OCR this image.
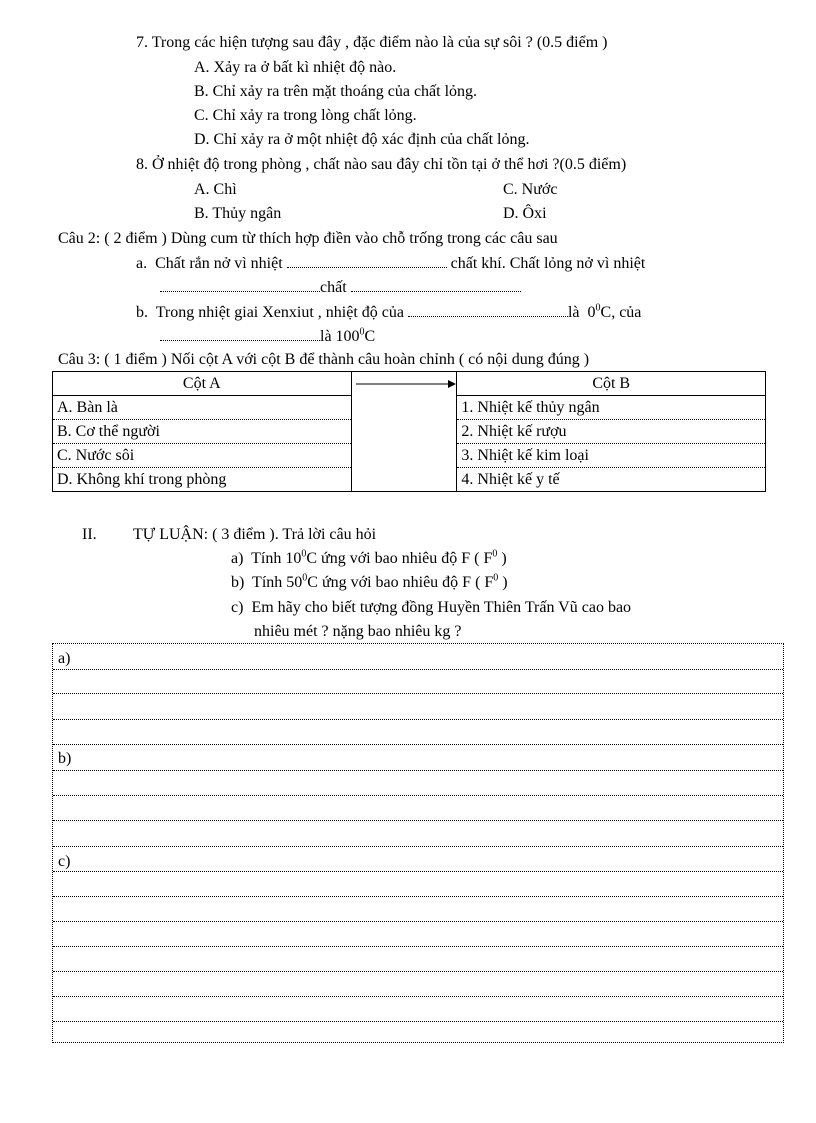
7. Trong các hiện tượng sau đây , đặc điểm nào là của sự sôi ? (0.5 điểm )
A. Xảy ra ở bất kì nhiệt độ nào.
B. Chỉ xảy ra trên mặt thoáng của chất lỏng.
C. Chỉ xảy ra trong lòng chất lỏng.
D. Chỉ xảy ra ở một nhiệt độ xác định của chất lỏng.
8. Ở nhiệt độ trong phòng , chất nào sau đây chỉ tồn tại ở thể hơi ?(0.5 điểm)
A. Chì	C. Nước
B. Thủy ngân	D. Ôxi
Câu 2: ( 2 điểm ) Dùng cum từ thích hợp điền vào chỗ trống trong các câu sau
a. Chất rắn nở vì nhiệt	chất khí. Chất lỏng nở vì nhiệt
chất
b. Trong nhiệt giai Xenxiut , nhiệt độ của	là  $0^0C$, của
là $100^0C$
Câu 3: ( 1 điểm ) Nối cột A với cột B để thành câu hoàn chỉnh ( có nội dung đúng )
Cột A		Cột B
A. Bàn là		1. Nhiệt kế thủy ngân
B. Cơ thể người		2. Nhiệt kế rượu
C. Nước sôi		3. Nhiệt kế kim loại
D. Không khí trong phòng		4. Nhiệt kế y tế
II. TỰ LUẬN: ( 3 điểm ). Trả lời câu hỏi
a) Tính $10^0C$ ứng với bao nhiêu độ F ( $F^0$ )
b) Tính $50^0C$ ứng với bao nhiêu độ F ( $F^0$ )
c) Em hãy cho biết tượng đồng Huyền Thiên Trấn Vũ cao bao
nhiêu mét ? nặng bao nhiêu kg ?
a)
b)
c)
